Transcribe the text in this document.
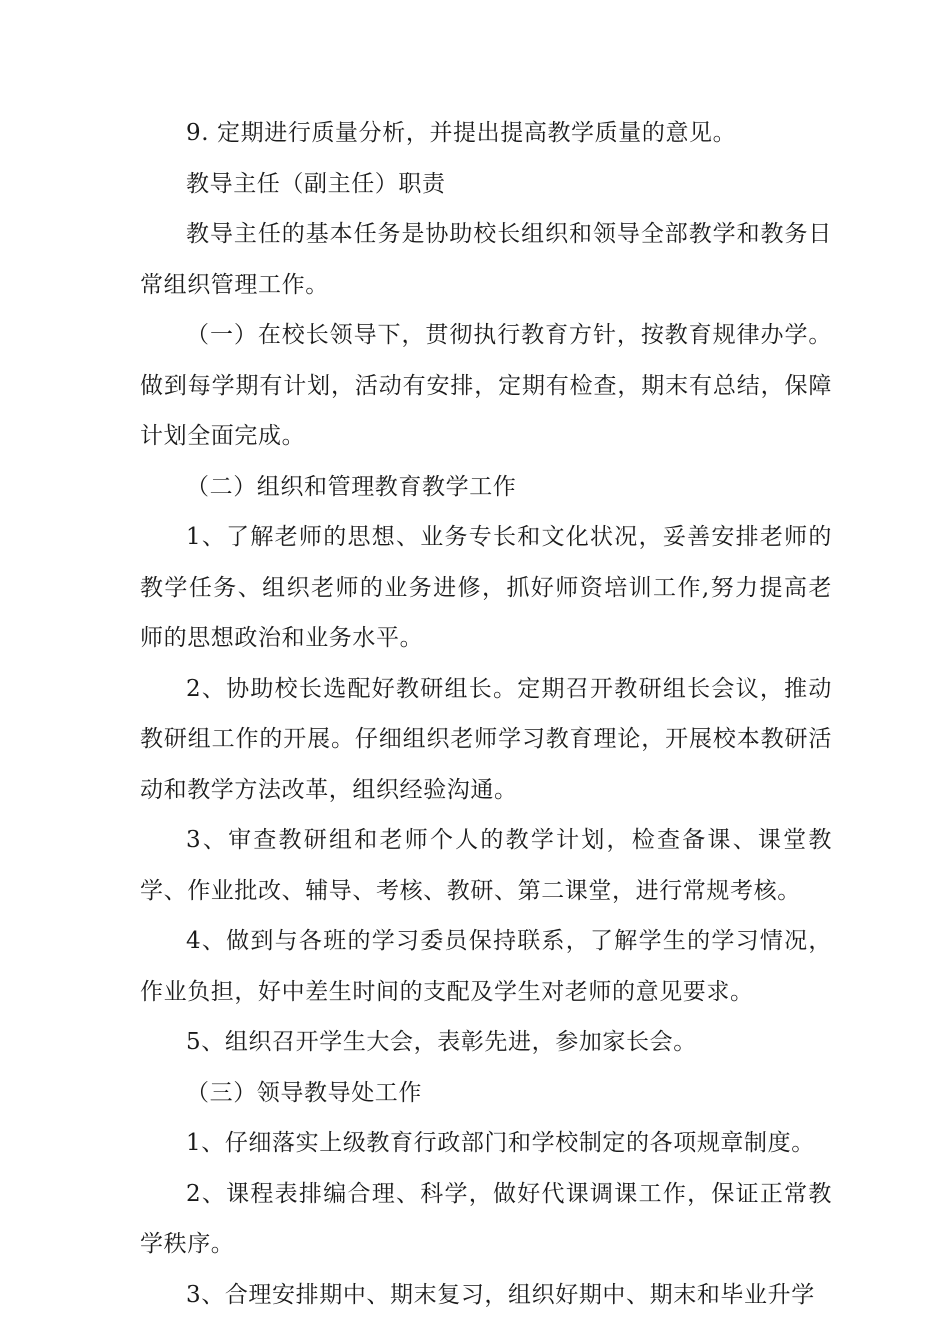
9. 定期进行质量分析，并提出提高教学质量的意见。

教导主任（副主任）职责

教导主任的基本任务是协助校长组织和领导全部教学和教务日常组织管理工作。

（一）在校长领导下，贯彻执行教育方针，按教育规律办学。做到每学期有计划，活动有安排，定期有检查，期末有总结，保障计划全面完成。

（二）组织和管理教育教学工作

1、了解老师的思想、业务专长和文化状况，妥善安排老师的教学任务、组织老师的业务进修，抓好师资培训工作,努力提高老师的思想政治和业务水平。

2、协助校长选配好教研组长。定期召开教研组长会议，推动教研组工作的开展。仔细组织老师学习教育理论，开展校本教研活动和教学方法改革，组织经验沟通。

3、审查教研组和老师个人的教学计划，检查备课、课堂教学、作业批改、辅导、考核、教研、第二课堂，进行常规考核。

4、做到与各班的学习委员保持联系，了解学生的学习情况，作业负担，好中差生时间的支配及学生对老师的意见要求。

5、组织召开学生大会，表彰先进，参加家长会。

（三）领导教导处工作

1、仔细落实上级教育行政部门和学校制定的各项规章制度。

2、课程表排编合理、科学，做好代课调课工作，保证正常教学秩序。

3、合理安排期中、期末复习，组织好期中、期末和毕业升学
